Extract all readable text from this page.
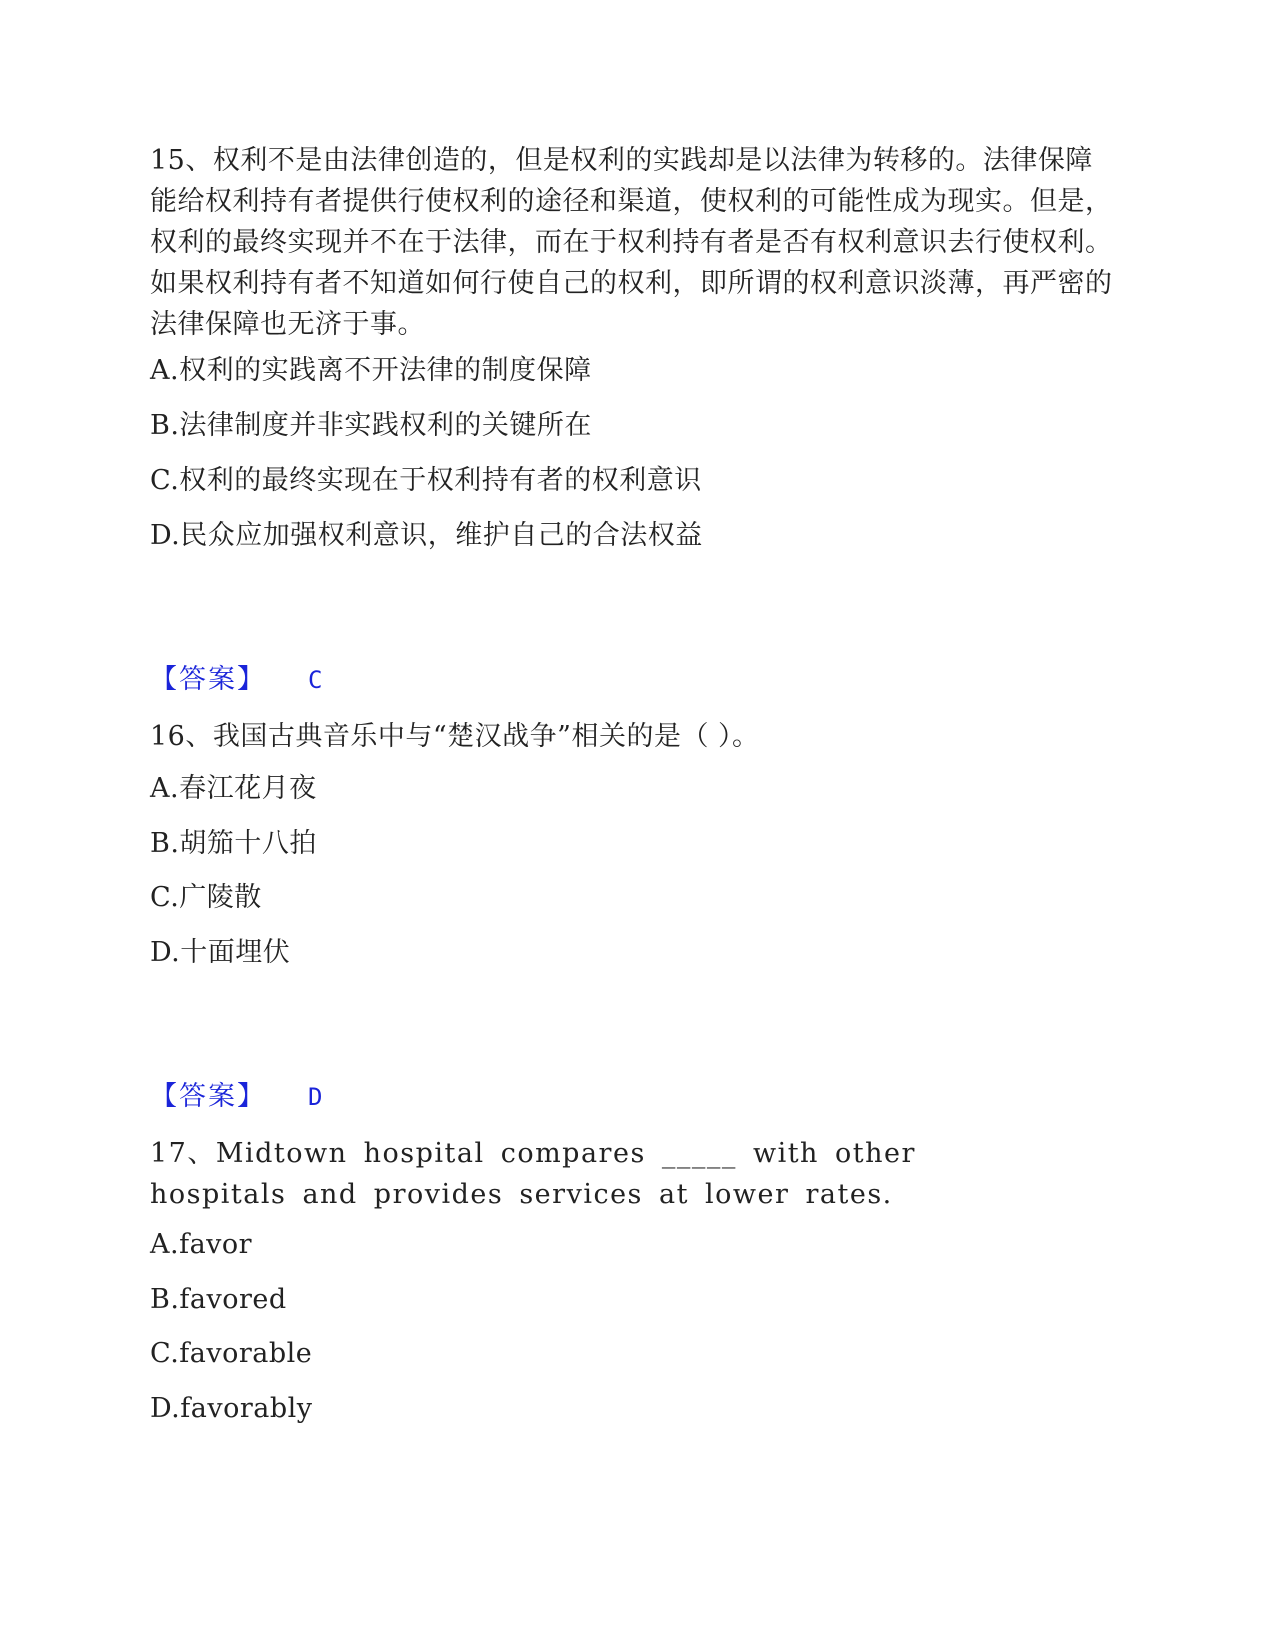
15、权利不是由法律创造的，但是权利的实践却是以法律为转移的。法律保障能给权利持有者提供行使权利的途径和渠道，使权利的可能性成为现实。但是，权利的最终实现并不在于法律，而在于权利持有者是否有权利意识去行使权利。如果权利持有者不知道如何行使自己的权利，即所谓的权利意识淡薄，再严密的法律保障也无济于事。

A.权利的实践离不开法律的制度保障
B.法律制度并非实践权利的关键所在
C.权利的最终实现在于权利持有者的权利意识
D.民众应加强权利意识，维护自己的合法权益
【答案】 C

16、我国古典音乐中与“楚汉战争”相关的是（ ）。

A.春江花月夜
B.胡笳十八拍
C.广陵散
D.十面埋伏
【答案】 D

17、Midtown hospital compares _____ with other hospitals and provides services at lower rates.

A.favor
B.favored
C.favorable
D.favorably
